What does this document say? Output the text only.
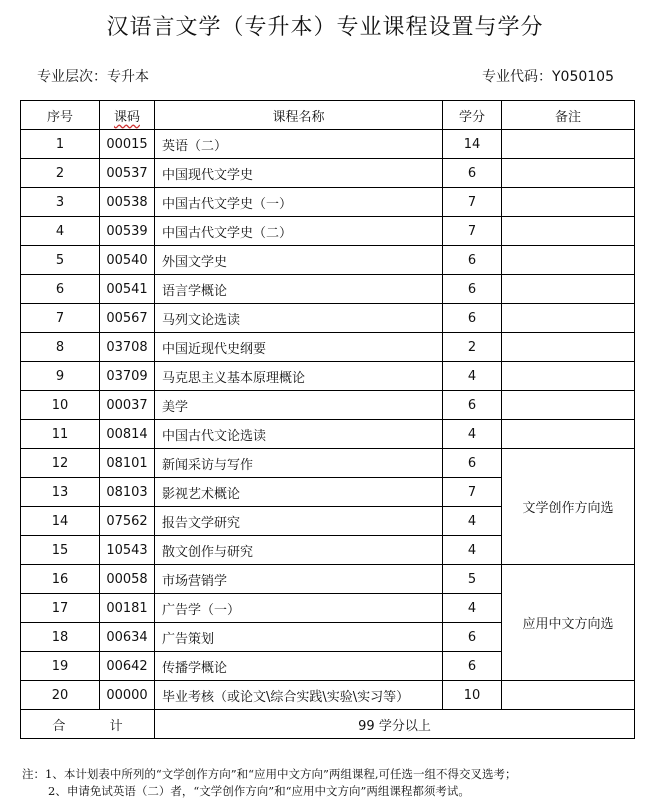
汉语言文学（专升本）专业课程设置与学分
专业层次：专升本	专业代码：Y050105
序号	课码	课程名称	学分	备注
1	00015	英语（二）	14	
2	00537	中国现代文学史	6	
3	00538	中国古代文学史（一）	7	
4	00539	中国古代文学史（二）	7	
5	00540	外国文学史	6	
6	00541	语言学概论	6	
7	00567	马列文论选读	6	
8	03708	中国近现代史纲要	2	
9	03709	马克思主义基本原理概论	4	
10	00037	美学	6	
11	00814	中国古代文论选读	4	
12	08101	新闻采访与写作	6	文学创作方向选
13	08103	影视艺术概论	7	
14	07562	报告文学研究	4	
15	10543	散文创作与研究	4	
16	00058	市场营销学	5	应用中文方向选
17	00181	广告学（一）	4	
18	00634	广告策划	6	
19	00642	传播学概论	6	
20	00000	毕业考核（或论文\综合实践\实验\实习等）	10	
合 计		99 学分以上		
注：1、本计划表中所列的“文学创作方向”和“应用中文方向”两组课程,可任选一组不得交叉选考；
2、申请免试英语（二）者，“文学创作方向”和“应用中文方向”两组课程都须考试。
